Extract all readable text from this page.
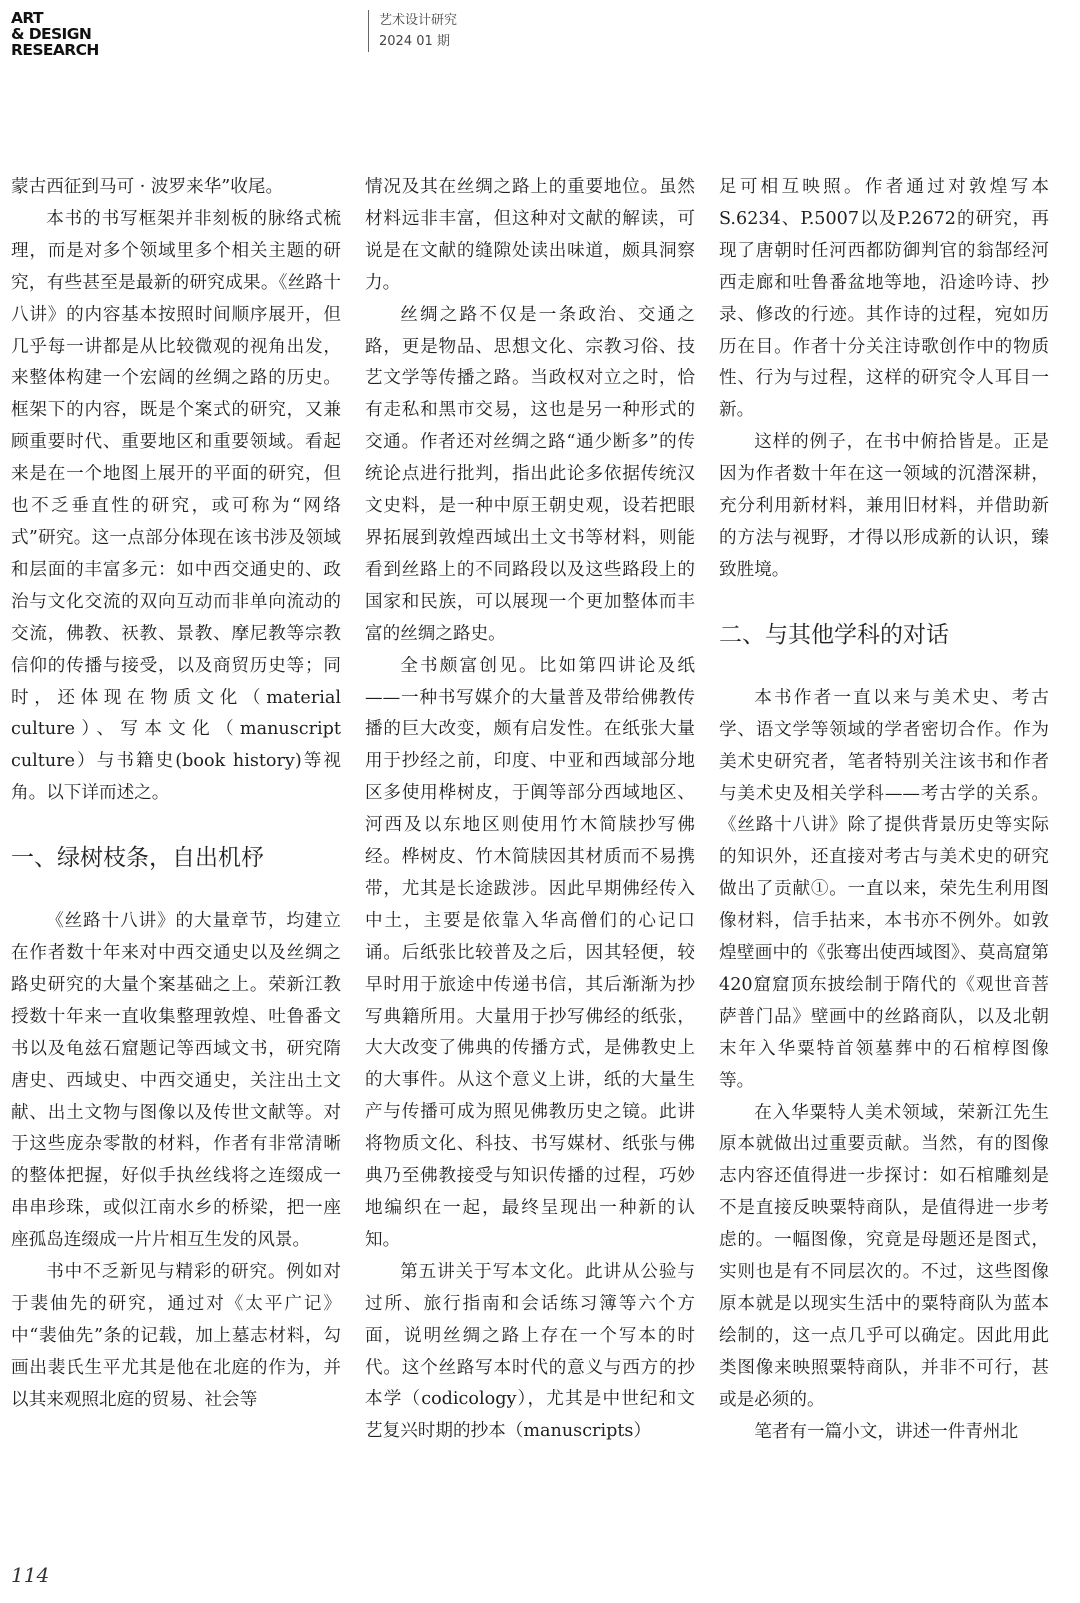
ART
& DESIGN
RESEARCH
艺术设计研究
2024 01 期

蒙古西征到马可 · 波罗来华”收尾。

本书的书写框架并非刻板的脉络式梳理，而是对多个领域里多个相关主题的研究，有些甚至是最新的研究成果。《丝路十八讲》的内容基本按照时间顺序展开，但几乎每一讲都是从比较微观的视角出发，来整体构建一个宏阔的丝绸之路的历史。框架下的内容，既是个案式的研究，又兼顾重要时代、重要地区和重要领域。看起来是在一个地图上展开的平面的研究，但也不乏垂直性的研究，或可称为“网络式”研究。这一点部分体现在该书涉及领域和层面的丰富多元：如中西交通史的、政治与文化交流的双向互动而非单向流动的交流，佛教、祆教、景教、摩尼教等宗教信仰的传播与接受，以及商贸历史等；同时，还体现在物质文化（material culture）、写本文化（manuscript culture）与书籍史(book history)等视角。以下详而述之。

一、绿树枝条，自出机杼

《丝路十八讲》的大量章节，均建立在作者数十年来对中西交通史以及丝绸之路史研究的大量个案基础之上。荣新江教授数十年来一直收集整理敦煌、吐鲁番文书以及龟兹石窟题记等西域文书，研究隋唐史、西域史、中西交通史，关注出土文献、出土文物与图像以及传世文献等。对于这些庞杂零散的材料，作者有非常清晰的整体把握，好似手执丝线将之连缀成一串串珍珠，或似江南水乡的桥梁，把一座座孤岛连缀成一片片相互生发的风景。

书中不乏新见与精彩的研究。例如对于裴伷先的研究，通过对《太平广记》中“裴伷先”条的记载，加上墓志材料，勾画出裴氏生平尤其是他在北庭的作为，并以其来观照北庭的贸易、社会等

情况及其在丝绸之路上的重要地位。虽然材料远非丰富，但这种对文献的解读，可说是在文献的缝隙处读出味道，颇具洞察力。

丝绸之路不仅是一条政治、交通之路，更是物品、思想文化、宗教习俗、技艺文学等传播之路。当政权对立之时，恰有走私和黑市交易，这也是另一种形式的交通。作者还对丝绸之路“通少断多”的传统论点进行批判，指出此论多依据传统汉文史料，是一种中原王朝史观，设若把眼界拓展到敦煌西域出土文书等材料，则能看到丝路上的不同路段以及这些路段上的国家和民族，可以展现一个更加整体而丰富的丝绸之路史。

全书颇富创见。比如第四讲论及纸——一种书写媒介的大量普及带给佛教传播的巨大改变，颇有启发性。在纸张大量用于抄经之前，印度、中亚和西域部分地区多使用桦树皮，于阗等部分西域地区、河西及以东地区则使用竹木简牍抄写佛经。桦树皮、竹木简牍因其材质而不易携带，尤其是长途跋涉。因此早期佛经传入中土，主要是依靠入华高僧们的心记口诵。后纸张比较普及之后，因其轻便，较早时用于旅途中传递书信，其后渐渐为抄写典籍所用。大量用于抄写佛经的纸张，大大改变了佛典的传播方式，是佛教史上的大事件。从这个意义上讲，纸的大量生产与传播可成为照见佛教历史之镜。此讲将物质文化、科技、书写媒材、纸张与佛典乃至佛教接受与知识传播的过程，巧妙地编织在一起，最终呈现出一种新的认知。

第五讲关于写本文化。此讲从公验与过所、旅行指南和会话练习簿等六个方面，说明丝绸之路上存在一个写本的时代。这个丝路写本时代的意义与西方的抄本学（codicology），尤其是中世纪和文艺复兴时期的抄本（manuscripts）

足可相互映照。作者通过对敦煌写本S.6234、P.5007以及P.2672的研究，再现了唐朝时任河西都防御判官的翁郜经河西走廊和吐鲁番盆地等地，沿途吟诗、抄录、修改的行迹。其作诗的过程，宛如历历在目。作者十分关注诗歌创作中的物质性、行为与过程，这样的研究令人耳目一新。

这样的例子，在书中俯拾皆是。正是因为作者数十年在这一领域的沉潜深耕，充分利用新材料，兼用旧材料，并借助新的方法与视野，才得以形成新的认识，臻致胜境。

二、与其他学科的对话

本书作者一直以来与美术史、考古学、语文学等领域的学者密切合作。作为美术史研究者，笔者特别关注该书和作者与美术史及相关学科——考古学的关系。《丝路十八讲》除了提供背景历史等实际的知识外，还直接对考古与美术史的研究做出了贡献①。一直以来，荣先生利用图像材料，信手拈来，本书亦不例外。如敦煌壁画中的《张骞出使西域图》、莫高窟第420窟窟顶东披绘制于隋代的《观世音菩萨普门品》壁画中的丝路商队，以及北朝末年入华粟特首领墓葬中的石棺椁图像等。

在入华粟特人美术领域，荣新江先生原本就做出过重要贡献。当然，有的图像志内容还值得进一步探讨：如石棺雕刻是不是直接反映粟特商队，是值得进一步考虑的。一幅图像，究竟是母题还是图式，实则也是有不同层次的。不过，这些图像原本就是以现实生活中的粟特商队为蓝本绘制的，这一点几乎可以确定。因此用此类图像来映照粟特商队，并非不可行，甚或是必须的。

笔者有一篇小文，讲述一件青州北

114
